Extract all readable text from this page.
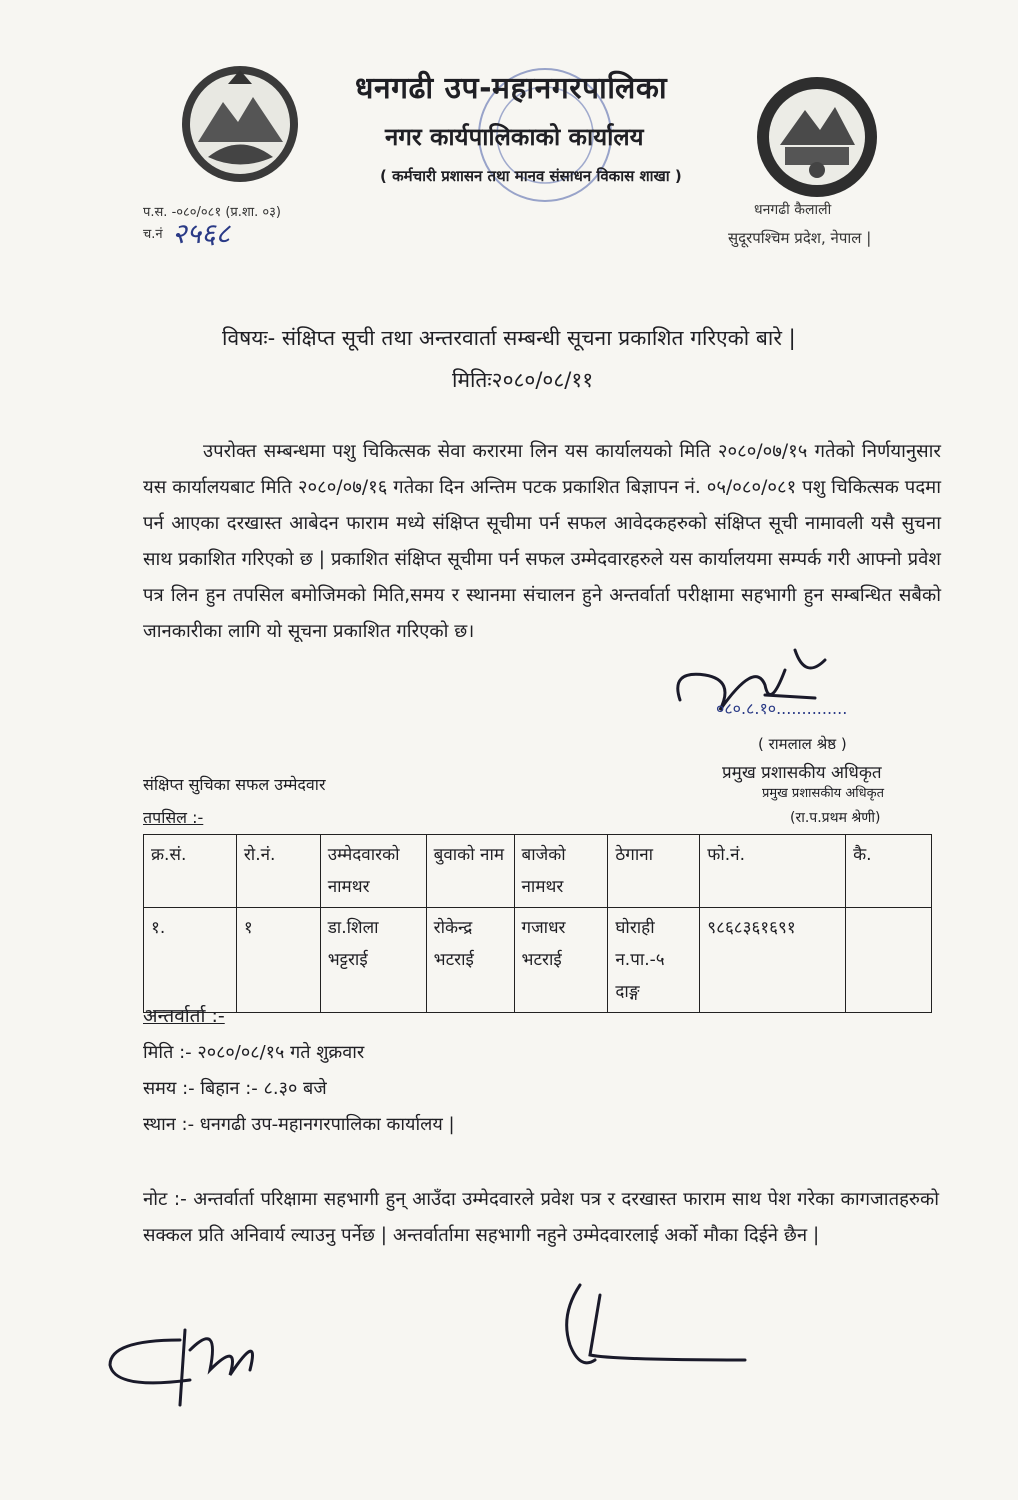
धनगढी उप-महानगरपालिका
नगर कार्यपालिकाको कार्यालय
( कर्मचारी प्रशासन तथा मानव संसाधन विकास शाखा )
प.स. -०८०/०८१ (प्र.शा. ०३)
च.नं २५६८
धनगढी कैलाली
सुदूरपश्चिम प्रदेश, नेपाल |
विषयः- संक्षिप्त सूची तथा अन्तरवार्ता सम्बन्धी सूचना प्रकाशित गरिएको बारे |
मितिः२०८०/०८/११
उपरोक्त सम्बन्धमा पशु चिकित्सक सेवा करारमा लिन यस कार्यालयको मिति २०८०/०७/१५ गतेको निर्णयानुसार यस कार्यालयबाट मिति २०८०/०७/१६ गतेका दिन अन्तिम पटक प्रकाशित बिज्ञापन नं. ०५/०८०/०८१ पशु चिकित्सक पदमा पर्न आएका दरखास्त आबेदन फाराम मध्ये संक्षिप्त सूचीमा पर्न सफल आवेदकहरुको संक्षिप्त सूची नामावली यसै सुचना साथ प्रकाशित गरिएको छ | प्रकाशित संक्षिप्त सूचीमा पर्न सफल उम्मेदवारहरुले यस कार्यालयमा सम्पर्क गरी आफ्नो प्रवेश पत्र लिन हुन तपसिल बमोजिमको मिति,समय र स्थानमा संचालन हुने अन्तर्वार्ता परीक्षामा सहभागी हुन सम्बन्धित सबैको जानकारीका लागि यो सूचना प्रकाशित गरिएको छ।
०८०.८.१०..............
( रामलाल श्रेष्ठ )
प्रमुख प्रशासकीय अधिकृत
प्रमुख प्रशासकीय अधिकृत
(रा.प.प्रथम श्रेणी)
संक्षिप्त सुचिका सफल उम्मेदवार
तपसिल :-
क्र.सं.	रो.नं.	उम्मेदवारको नामथर	बुवाको नाम	बाजेको नामथर	ठेगाना	फो.नं.	कै.
१.	१	डा.शिला भट्टराई	रोकेन्द्र भटराई	गजाधर भटराई	घोराही न.पा.-५ दाङ्ग	९८६८३६१६९१	
अन्तर्वार्ता :-
मिति :- २०८०/०८/१५ गते शुक्रवार
समय :- बिहान :- ८.३० बजे
स्थान :- धनगढी उप-महानगरपालिका कार्यालय |
नोट :- अन्तर्वार्ता परिक्षामा सहभागी हुन् आउँदा उम्मेदवारले प्रवेश पत्र र दरखास्त फाराम साथ पेश गरेका कागजातहरुको सक्कल प्रति अनिवार्य ल्याउनु पर्नेछ | अन्तर्वार्तामा सहभागी नहुने उम्मेदवारलाई अर्को मौका दिईने छैन |
